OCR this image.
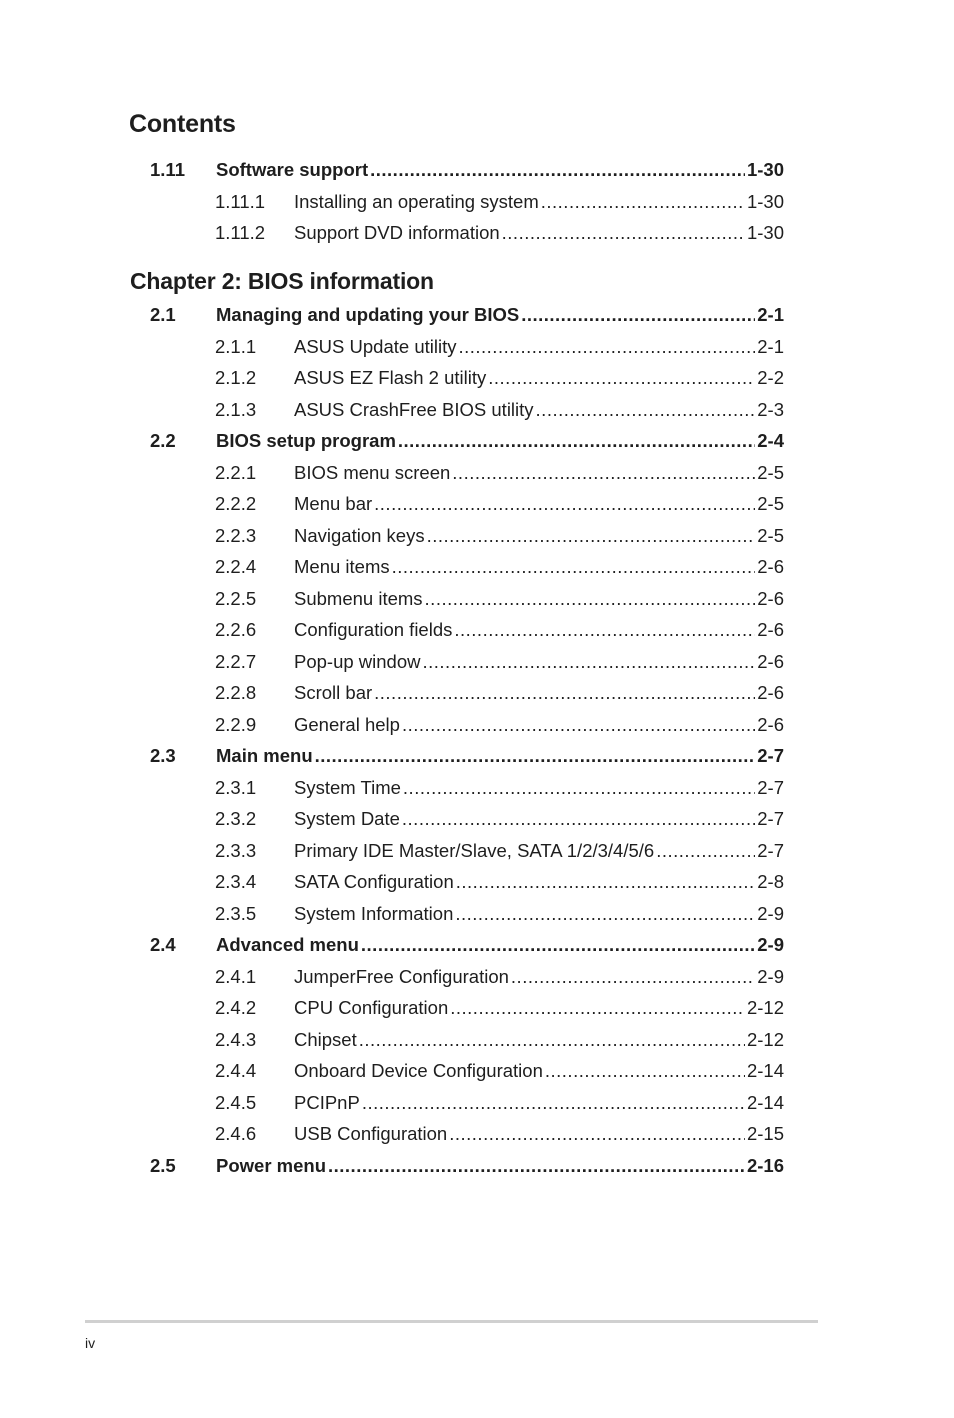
Contents
1.11	Software support .....	1-30
1.11.1	Installing an operating system .....	1-30
1.11.2	Support DVD information .....	1-30
Chapter 2: BIOS information
2.1	Managing and updating your BIOS .....	2-1
2.1.1	ASUS Update utility .....	2-1
2.1.2	ASUS EZ Flash 2 utility .....	2-2
2.1.3	ASUS CrashFree BIOS utility .....	2-3
2.2	BIOS setup program .....	2-4
2.2.1	BIOS menu screen .....	2-5
2.2.2	Menu bar .....	2-5
2.2.3	Navigation keys .....	2-5
2.2.4	Menu items .....	2-6
2.2.5	Submenu items .....	2-6
2.2.6	Configuration fields .....	2-6
2.2.7	Pop-up window .....	2-6
2.2.8	Scroll bar .....	2-6
2.2.9	General help .....	2-6
2.3	Main menu .....	2-7
2.3.1	System Time .....	2-7
2.3.2	System Date .....	2-7
2.3.3	Primary IDE Master/Slave, SATA 1/2/3/4/5/6 .....	2-7
2.3.4	SATA Configuration .....	2-8
2.3.5	System Information .....	2-9
2.4	Advanced menu .....	2-9
2.4.1	JumperFree Configuration .....	2-9
2.4.2	CPU Configuration .....	2-12
2.4.3	Chipset .....	2-12
2.4.4	Onboard Device Configuration .....	2-14
2.4.5	PCIPnP .....	2-14
2.4.6	USB Configuration .....	2-15
2.5	Power menu .....	2-16
iv
